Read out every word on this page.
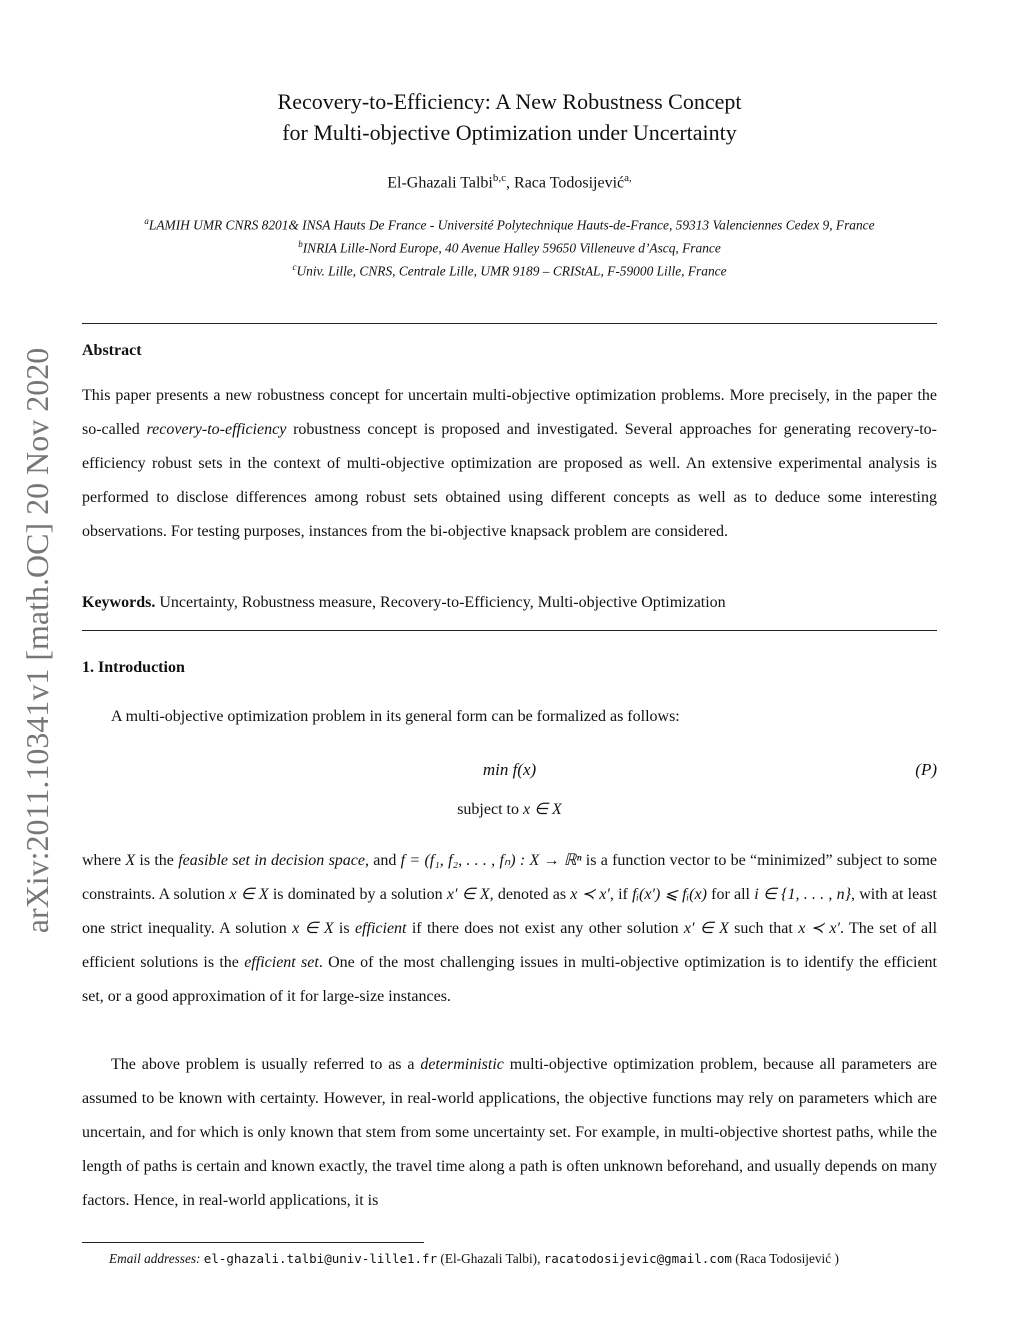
arXiv:2011.10341v1 [math.OC] 20 Nov 2020
Recovery-to-Efficiency: A New Robustness Concept
for Multi-objective Optimization under Uncertainty
El-Ghazali Talbi$^{b,c}$, Raca Todosijević$^{a,}$
$^a$LAMIH UMR CNRS 8201& INSA Hauts De France - Université Polytechnique Hauts-de-France, 59313 Valenciennes Cedex 9, France
$^b$INRIA Lille-Nord Europe, 40 Avenue Halley 59650 Villeneuve d’Ascq, France
$^c$Univ. Lille, CNRS, Centrale Lille, UMR 9189 – CRIStAL, F-59000 Lille, France
Abstract
This paper presents a new robustness concept for uncertain multi-objective optimization problems. More precisely, in the paper the so-called recovery-to-efficiency robustness concept is proposed and investigated. Several approaches for generating recovery-to-efficiency robust sets in the context of multi-objective optimization are proposed as well. An extensive experimental analysis is performed to disclose differences among robust sets obtained using different concepts as well as to deduce some interesting observations. For testing purposes, instances from the bi-objective knapsack problem are considered.
Keywords. Uncertainty, Robustness measure, Recovery-to-Efficiency, Multi-objective Optimization
1. Introduction
A multi-objective optimization problem in its general form can be formalized as follows:
min f(x)	(P)
subject to x ∈ X
where X is the feasible set in decision space, and f = (f₁, f₂, . . . , fₙ) : X → ℝⁿ is a function vector to be “minimized” subject to some constraints. A solution x ∈ X is dominated by a solution x′ ∈ X, denoted as x ≺ x′, if fᵢ(x′) ⩽ fᵢ(x) for all i ∈ {1, . . . , n}, with at least one strict inequality. A solution x ∈ X is efficient if there does not exist any other solution x′ ∈ X such that x ≺ x′. The set of all efficient solutions is the efficient set. One of the most challenging issues in multi-objective optimization is to identify the efficient set, or a good approximation of it for large-size instances.
The above problem is usually referred to as a deterministic multi-objective optimization problem, because all parameters are assumed to be known with certainty. However, in real-world applications, the objective functions may rely on parameters which are uncertain, and for which is only known that stem from some uncertainty set. For example, in multi-objective shortest paths, while the length of paths is certain and known exactly, the travel time along a path is often unknown beforehand, and usually depends on many factors. Hence, in real-world applications, it is
Email addresses: el-ghazali.talbi@univ-lille1.fr (El-Ghazali Talbi), racatodosijevic@gmail.com (Raca Todosijević )
